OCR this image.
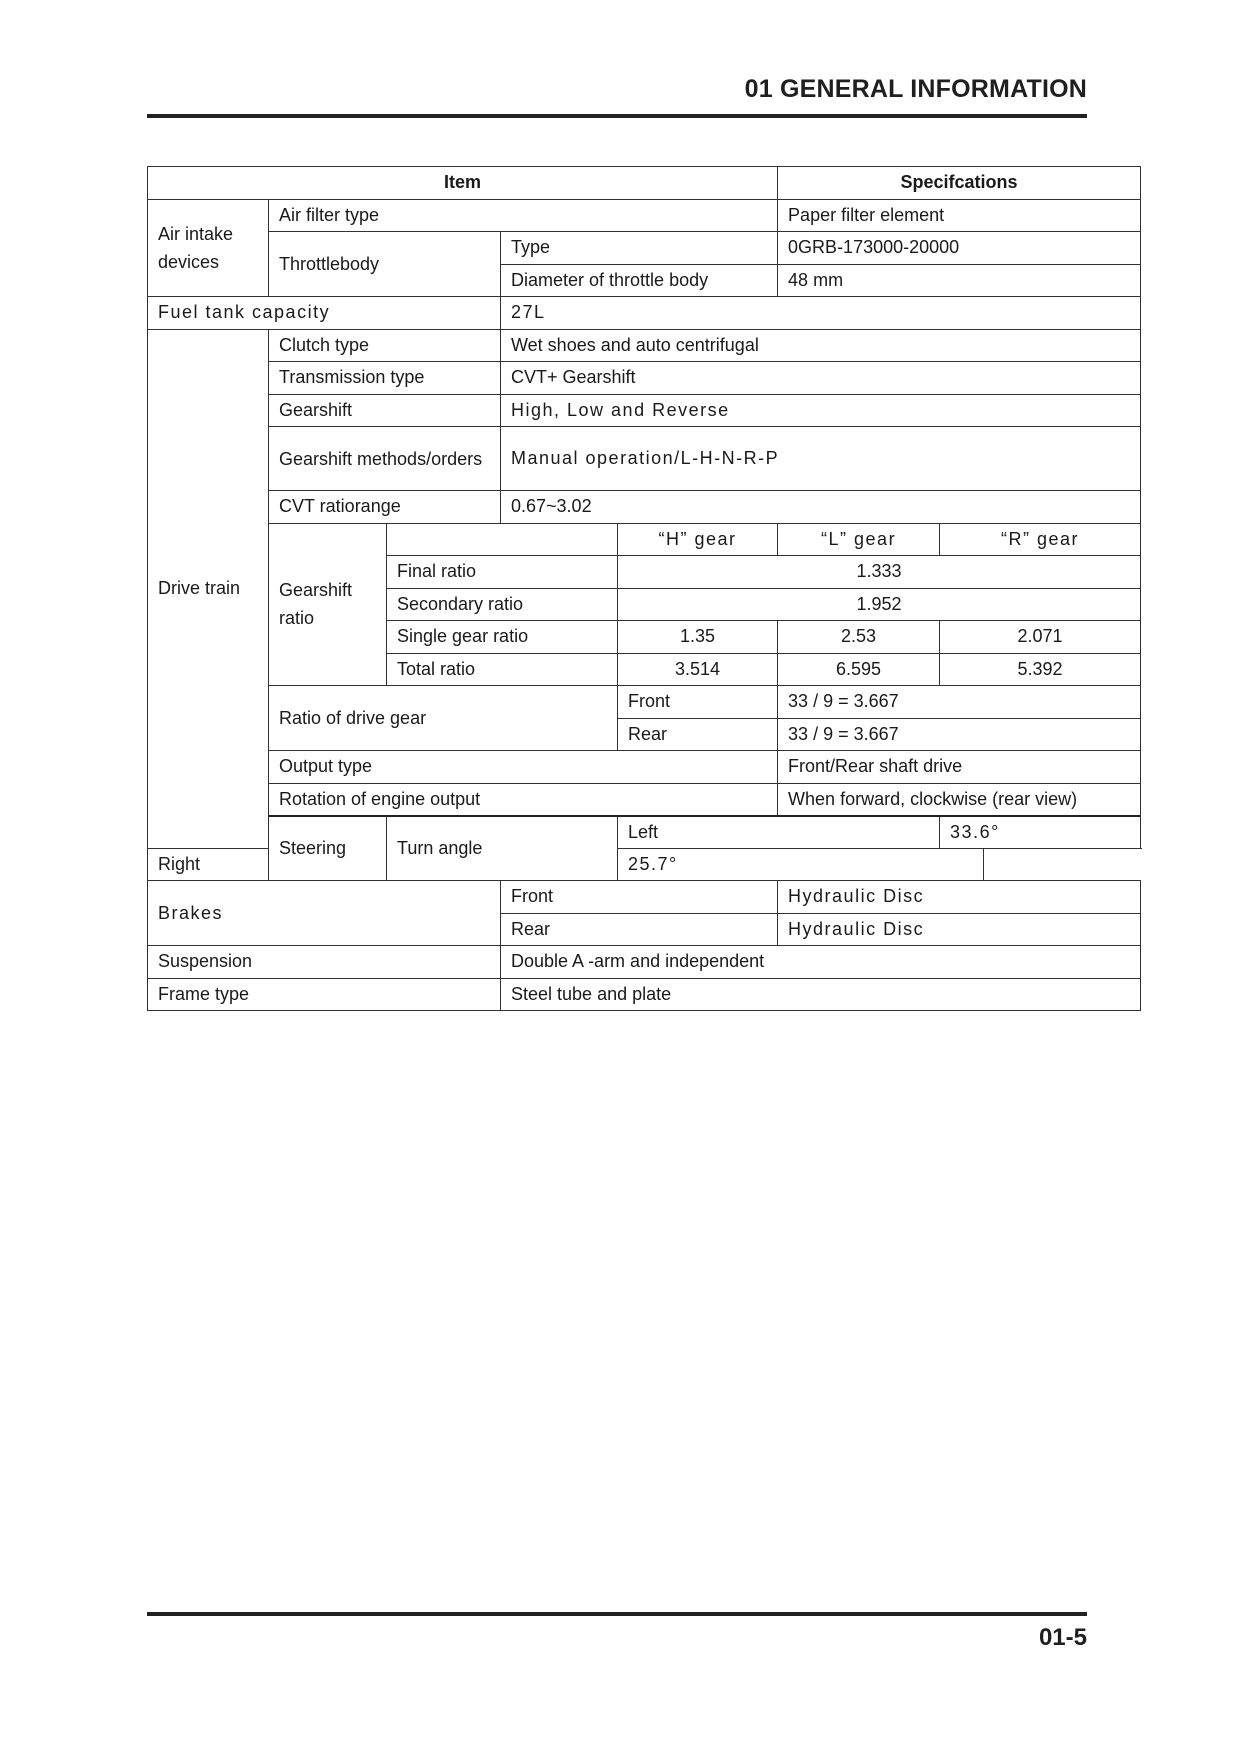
01 GENERAL INFORMATION
Item					Specifcations	
Air intake devices	Air filter type				Paper filter element	
	Throttlebody		Type		0GRB-173000-20000	
			Diameter of throttle body		48 mm	
Fuel tank capacity			27L			
Drive train	Clutch type		Wet shoes and auto centrifugal			
	Transmission type		CVT+ Gearshift			
	Gearshift		High, Low and Reverse			
	Gearshift methods/orders		Manual operation/L-H-N-R-P			
	CVT ratiorange		0.67~3.02			
	Gearshift ratio			“H” gear	“L” gear	“R” gear
		Final ratio		1.333		
		Secondary ratio		1.952		
		Single gear ratio		1.35	2.53	2.071
		Total ratio		3.514	6.595	5.392
	Ratio of drive gear			Front	33 / 9 = 3.667	
				Rear	33 / 9 = 3.667	
	Output type				Front/Rear shaft drive	
	Rotation of engine output				When forward, clockwise (rear view)	
	Steering	Turn angle		Left		33.6°
Right				25.7°		
Brakes			Front		Hydraulic Disc	
			Rear		Hydraulic Disc	
Suspension			Double A -arm and independent			
Frame type			Steel tube and plate			
01-5
